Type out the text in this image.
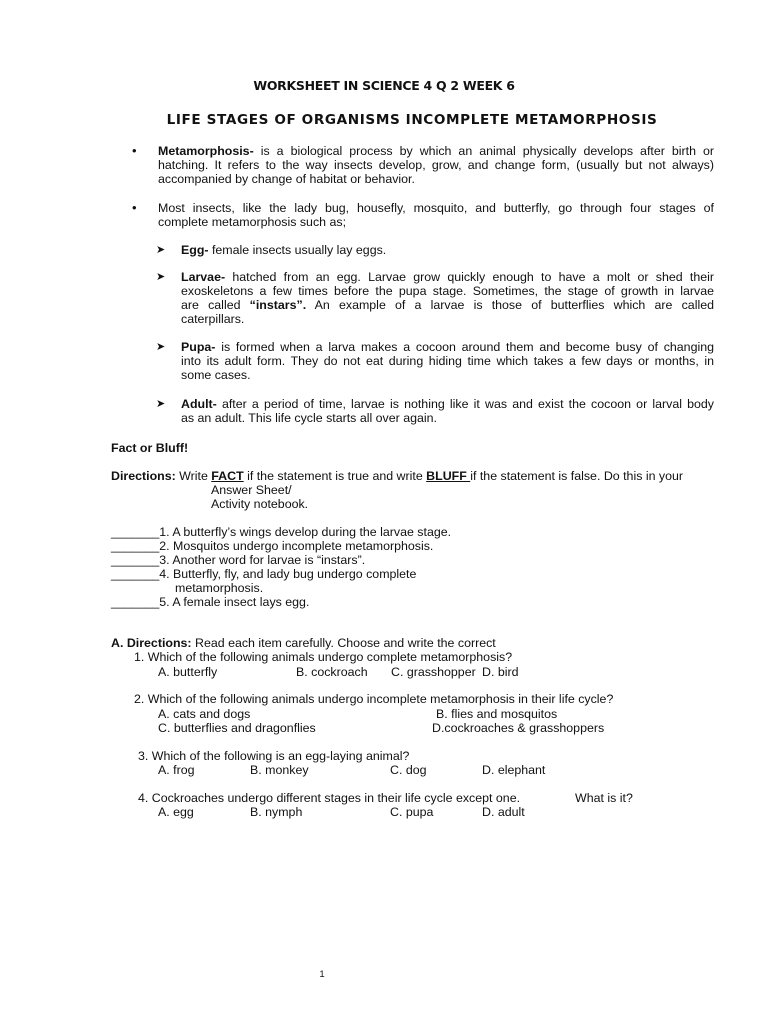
WORKSHEET IN SCIENCE 4 Q 2 WEEK 6
LIFE STAGES OF ORGANISMS INCOMPLETE METAMORPHOSIS
• Metamorphosis- is a biological process by which an animal physically develops after birth or
hatching. It refers to the way insects develop, grow, and change form, (usually but not always)
accompanied by change of habitat or behavior.
• Most insects, like the lady bug, housefly, mosquito, and butterfly, go through four stages of
complete metamorphosis such as;
➤ Egg- female insects usually lay eggs.
➤ Larvae- hatched from an egg. Larvae grow quickly enough to have a molt or shed their
exoskeletons a few times before the pupa stage. Sometimes, the stage of growth in larvae
are called “instars”. An example of a larvae is those of butterflies which are called
caterpillars.
➤ Pupa- is formed when a larva makes a cocoon around them and become busy of changing
into its adult form. They do not eat during hiding time which takes a few days or months, in
some cases.
➤ Adult- after a period of time, larvae is nothing like it was and exist the cocoon or larval body
as an adult. This life cycle starts all over again.
Fact or Bluff!
Directions: Write FACT if the statement is true and write BLUFF if the statement is false. Do this in your
Answer Sheet/
Activity notebook.
_______1. A butterfly’s wings develop during the larvae stage.
_______2. Mosquitos undergo incomplete metamorphosis.
_______3. Another word for larvae is “instars”.
_______4. Butterfly, fly, and lady bug undergo complete
metamorphosis.
_______5. A female insect lays egg.
A. Directions: Read each item carefully. Choose and write the correct
1. Which of the following animals undergo complete metamorphosis?
A. butterfly	B. cockroach C. grasshopper D. bird
2. Which of the following animals undergo incomplete metamorphosis in their life cycle?
A. cats and dogs	B. flies and mosquitos
C. butterflies and dragonflies	D.cockroaches & grasshoppers
3. Which of the following is an egg-laying animal?
A. frog	B. monkey	C. dog	D. elephant
4. Cockroaches undergo different stages in their life cycle except one.	What is it?
A. egg	B. nymph	C. pupa	D. adult
1
